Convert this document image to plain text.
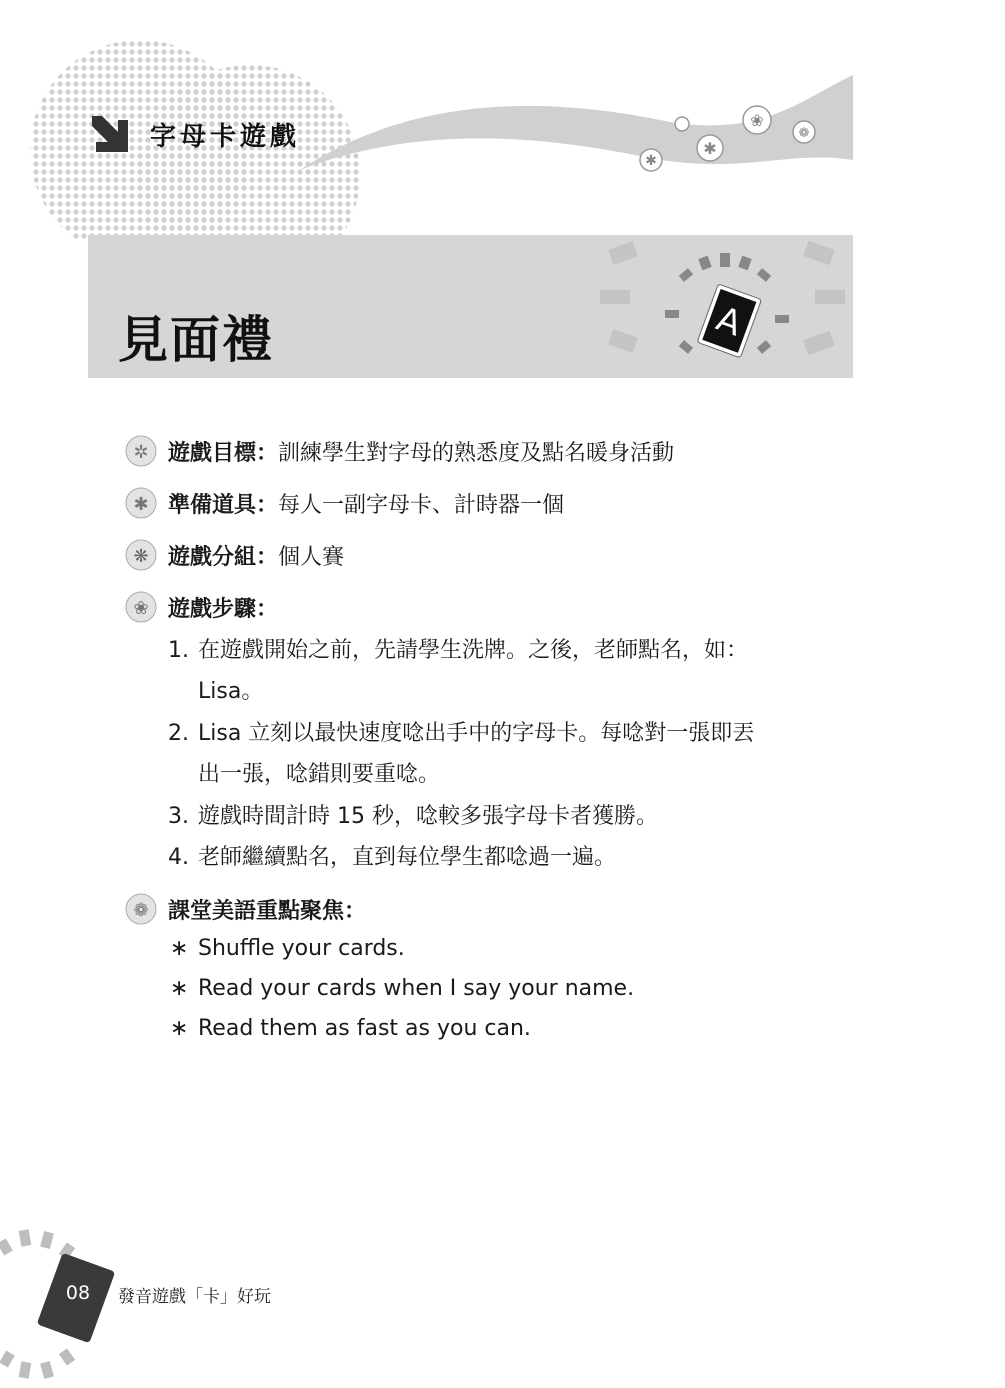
✱
✱
❀
❁
字母卡遊戲
A
見面禮
✲ 遊戲目標： 訓練學生對字母的熟悉度及點名暖身活動
✱ 準備道具： 每人一副字母卡、計時器一個
❋ 遊戲分組： 個人賽
❀ 遊戲步驟：
1. 在遊戲開始之前，先請學生洗牌。之後，老師點名，如：
Lisa。
2. Lisa 立刻以最快速度唸出手中的字母卡。每唸對一張即丟
出一張，唸錯則要重唸。
3. 遊戲時間計時 15 秒，唸較多張字母卡者獲勝。
4. 老師繼續點名，直到每位學生都唸過一遍。
❁ 課堂美語重點聚焦：
∗ Shuffle your cards.
∗ Read your cards when I say your name.
∗ Read them as fast as you can.
08	發音遊戲「卡」好玩
